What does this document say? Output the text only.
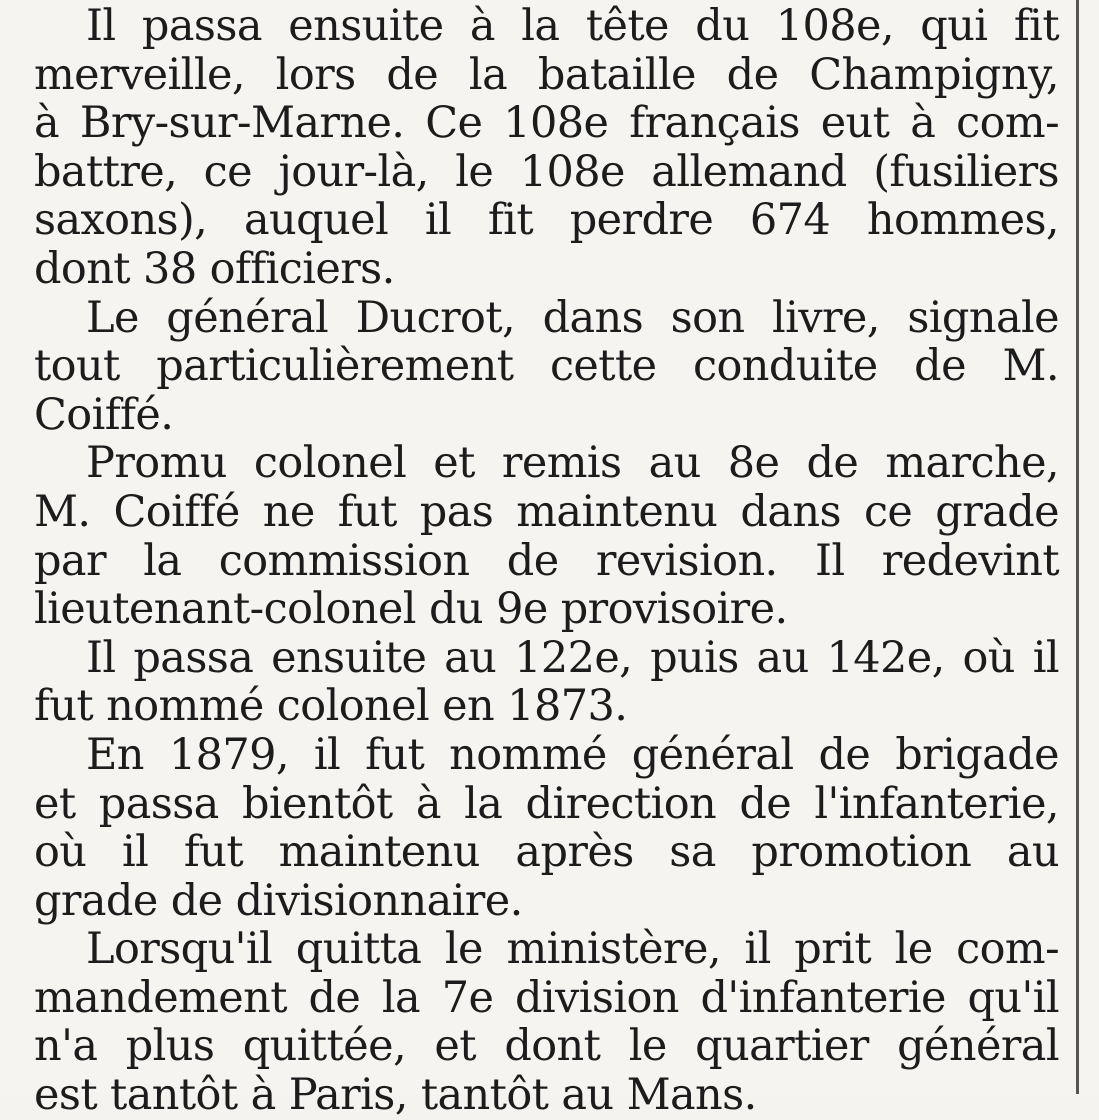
Il passa ensuite à la tête du 108e, qui fit
merveille, lors de la bataille de Champigny,
à Bry-sur-Marne. Ce 108e français eut à com-
battre, ce jour-là, le 108e allemand (fusiliers
saxons), auquel il fit perdre 674 hommes,
dont 38 officiers.
Le général Ducrot, dans son livre, signale
tout particulièrement cette conduite de M.
Coiffé.
Promu colonel et remis au 8e de marche,
M. Coiffé ne fut pas maintenu dans ce grade
par la commission de revision. Il redevint
lieutenant-colonel du 9e provisoire.
Il passa ensuite au 122e, puis au 142e, où il
fut nommé colonel en 1873.
En 1879, il fut nommé général de brigade
et passa bientôt à la direction de l'infanterie,
où il fut maintenu après sa promotion au
grade de divisionnaire.
Lorsqu'il quitta le ministère, il prit le com-
mandement de la 7e division d'infanterie qu'il
n'a plus quittée, et dont le quartier général
est tantôt à Paris, tantôt au Mans.
